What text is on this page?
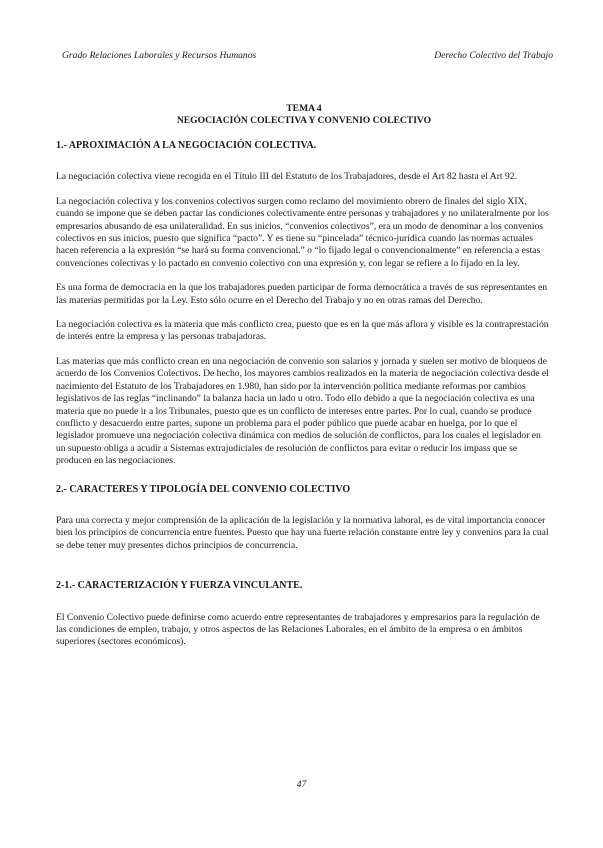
Grado Relaciones Laborales y Recursos Humanos	Derecho Colectivo del Trabajo
TEMA 4
NEGOCIACIÓN COLECTIVA Y CONVENIO COLECTIVO
1.- APROXIMACIÓN A LA NEGOCIACIÓN COLECTIVA.

La negociación colectiva viene recogida en el Título III del Estatuto de los Trabajadores, desde el Art 82 hasta el Art 92.

La negociación colectiva y los convenios colectivos surgen como reclamo del movimiento obrero de finales del siglo XIX, cuando se impone que se deben pactar las condiciones colectivamente entre personas y trabajadores y no unilateralmente por los empresarios abusando de esa unilateralidad. En sus inicios, “convenios colectivos”, era un modo de denominar a los convenios colectivos en sus inicios, puesto que significa “pacto”. Y es tiene su “pincelada” técnico-jurídica cuando las normas actuales hacen referencia a la expresión “se hará su forma convencional.” o “lo fijado legal o convencionalmente” en referencia a estas convenciones colectivas y lo pactado en convenio colectivo con una expresión y, con legar se refiere a lo fijado en la ley.

Es una forma de democracia en la que los trabajadores pueden participar de forma democrática a través de sus representantes en las materias permitidas por la Ley. Esto sólo ocurre en el Derecho del Trabajo y no en otras ramas del Derecho.

La negociación colectiva es la materia que más conflicto crea, puesto que es en la que más aflora y visible es la contraprestación de interés entre la empresa y las personas trabajadoras.

Las materias que más conflicto crean en una negociación de convenio son salarios y jornada y suelen ser motivo de bloqueos de acuerdo de los Convenios Colectivos. De hecho, los mayores cambios realizados en la materia de negociación colectiva desde el nacimiento del Estatuto de los Trabajadores en 1.980, han sido por la intervención política mediante reformas por cambios legislativos de las reglas “inclinando” la balanza hacia un lado u otro. Todo ello debido a que la negociación colectiva es una materia que no puede ir a los Tribunales, puesto que es un conflicto de intereses entre partes. Por lo cual, cuando se produce conflicto y desacuerdo entre partes, supone un problema para el poder público que puede acabar en huelga, por lo que el legislador promueve una negociación colectiva dinámica con medios de solución de conflictos, para los cuales el legislador en un supuesto obliga a acudir a Sistemas extrajudiciales de resolución de conflictos para evitar o reducir los impass que se producen en las negociaciones.

2.- CARACTERES Y TIPOLOGÍA DEL CONVENIO COLECTIVO

Para una correcta y mejor comprensión de la aplicación de la legislación y la normativa laboral, es de vital importancia conocer bien los principios de concurrencia entre fuentes. Puesto que hay una fuerte relación constante entre ley y convenios para la cual se debe tener muy presentes dichos principios de concurrencia.

2-1.- CARACTERIZACIÓN Y FUERZA VINCULANTE.

El Convenio Colectivo puede definirse como acuerdo entre representantes de trabajadores y empresarios para la regulación de las condiciones de empleo, trabajo, y otros aspectos de las Relaciones Laborales, en el ámbito de la empresa o en ámbitos superiores (sectores económicos).

47
